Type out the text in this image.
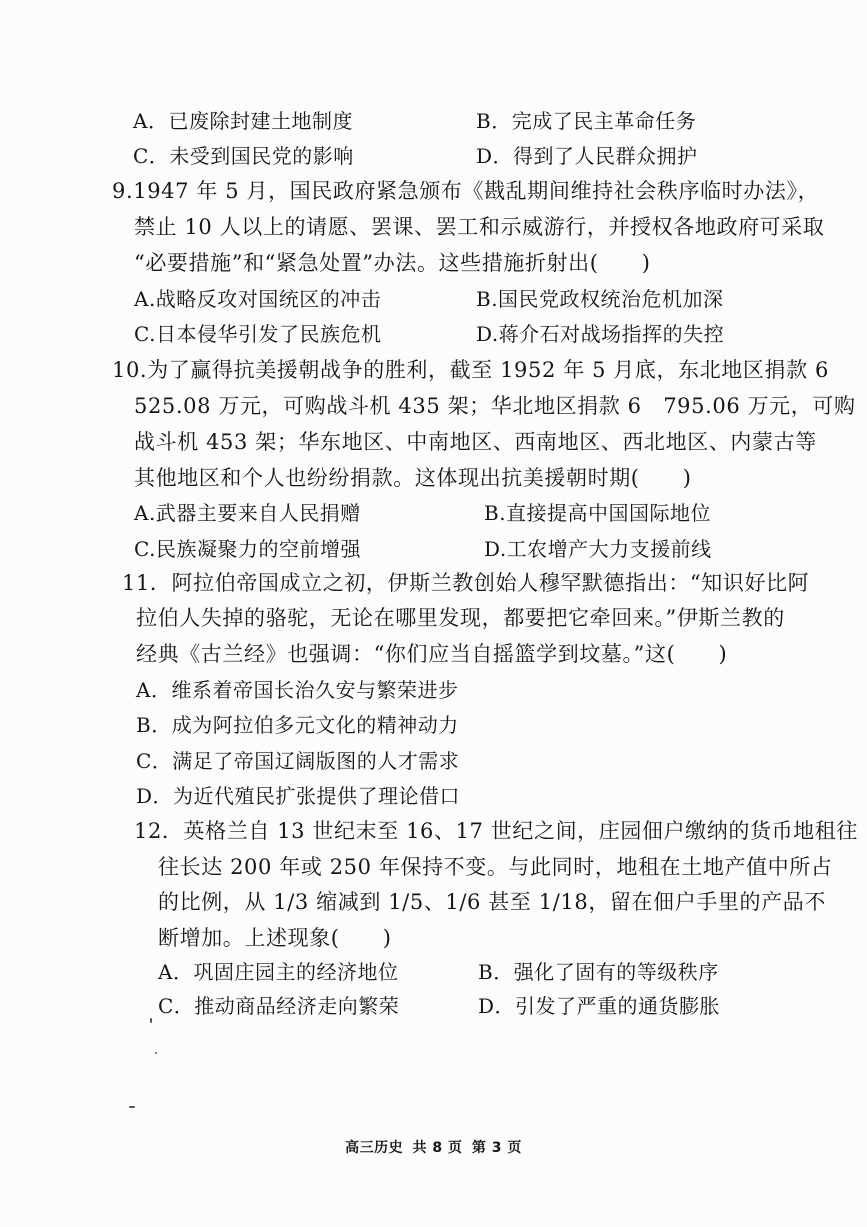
A．已废除封建土地制度	B．完成了民主革命任务
C．未受到国民党的影响	D．得到了人民群众拥护
9.1947 年 5 月，国民政府紧急颁布《戡乱期间维持社会秩序临时办法》，
禁止 10 人以上的请愿、罢课、罢工和示威游行，并授权各地政府可采取
“必要措施”和“紧急处置”办法。这些措施折射出(　　)
A.战略反攻对国统区的冲击	B.国民党政权统治危机加深
C.日本侵华引发了民族危机	D.蒋介石对战场指挥的失控
10.为了赢得抗美援朝战争的胜利，截至 1952 年 5 月底，东北地区捐款 6
525.08 万元，可购战斗机 435 架；华北地区捐款 6　795.06 万元，可购
战斗机 453 架；华东地区、中南地区、西南地区、西北地区、内蒙古等
其他地区和个人也纷纷捐款。这体现出抗美援朝时期(　　)
A.武器主要来自人民捐赠	B.直接提高中国国际地位
C.民族凝聚力的空前增强	D.工农增产大力支援前线
11．阿拉伯帝国成立之初，伊斯兰教创始人穆罕默德指出：“知识好比阿
拉伯人失掉的骆驼，无论在哪里发现，都要把它牵回来。”伊斯兰教的
经典《古兰经》也强调：“你们应当自摇篮学到坟墓。”这(　　)
A．维系着帝国长治久安与繁荣进步
B．成为阿拉伯多元文化的精神动力
C．满足了帝国辽阔版图的人才需求
D．为近代殖民扩张提供了理论借口
12．英格兰自 13 世纪末至 16、17 世纪之间，庄园佃户缴纳的货币地租往
往长达 200 年或 250 年保持不变。与此同时，地租在土地产值中所占
的比例，从 1/3 缩减到 1/5、1/6 甚至 1/18，留在佃户手里的产品不
断增加。上述现象(　　)
A．巩固庄园主的经济地位	B．强化了固有的等级秩序
C．推动商品经济走向繁荣	D．引发了严重的通货膨胀
高三历史 共 8 页 第 3 页
